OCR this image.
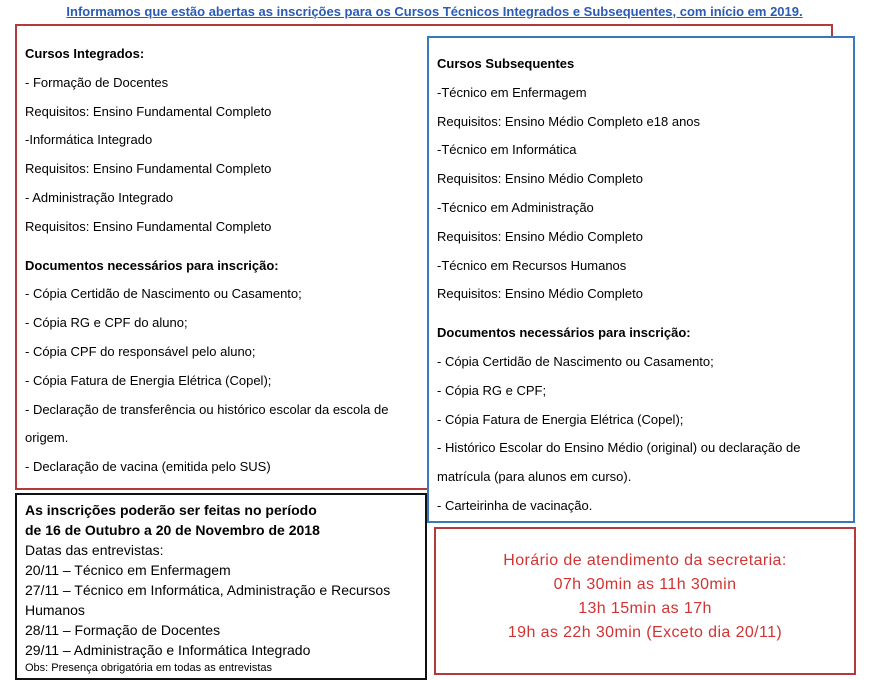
Informamos que estão abertas as inscrições para os Cursos Técnicos Integrados e Subsequentes, com início em 2019.

Cursos Integrados:

- Formação de Docentes

Requisitos: Ensino Fundamental Completo

-Informática Integrado

Requisitos: Ensino Fundamental Completo

- Administração Integrado

Requisitos: Ensino Fundamental Completo

Documentos necessários para inscrição:

- Cópia Certidão de Nascimento ou Casamento;

- Cópia RG e CPF do aluno;

- Cópia CPF do responsável pelo aluno;

- Cópia Fatura de Energia Elétrica (Copel);

- Declaração de transferência ou histórico escolar da escola de origem.

- Declaração de vacina (emitida pelo SUS)

Cursos Subsequentes

-Técnico em Enfermagem

Requisitos: Ensino Médio Completo e18 anos

-Técnico em Informática

Requisitos: Ensino Médio Completo

-Técnico em Administração

Requisitos: Ensino Médio Completo

-Técnico em Recursos Humanos

Requisitos: Ensino Médio Completo

Documentos necessários para inscrição:

- Cópia Certidão de Nascimento ou Casamento;

- Cópia RG e CPF;

- Cópia Fatura de Energia Elétrica (Copel);

- Histórico Escolar do Ensino Médio (original) ou declaração de matrícula (para alunos em curso).

- Carteirinha de vacinação.

As inscrições poderão ser feitas no período

de 16 de Outubro a 20 de Novembro de 2018

Datas das entrevistas:

20/11 – Técnico em Enfermagem

27/11 – Técnico em Informática, Administração e Recursos Humanos

28/11 – Formação de Docentes

29/11 – Administração e Informática Integrado

Obs: Presença obrigatória em todas as entrevistas

Horário de atendimento da secretaria:

07h 30min as 11h 30min

13h 15min as 17h

19h as 22h 30min (Exceto dia 20/11)
